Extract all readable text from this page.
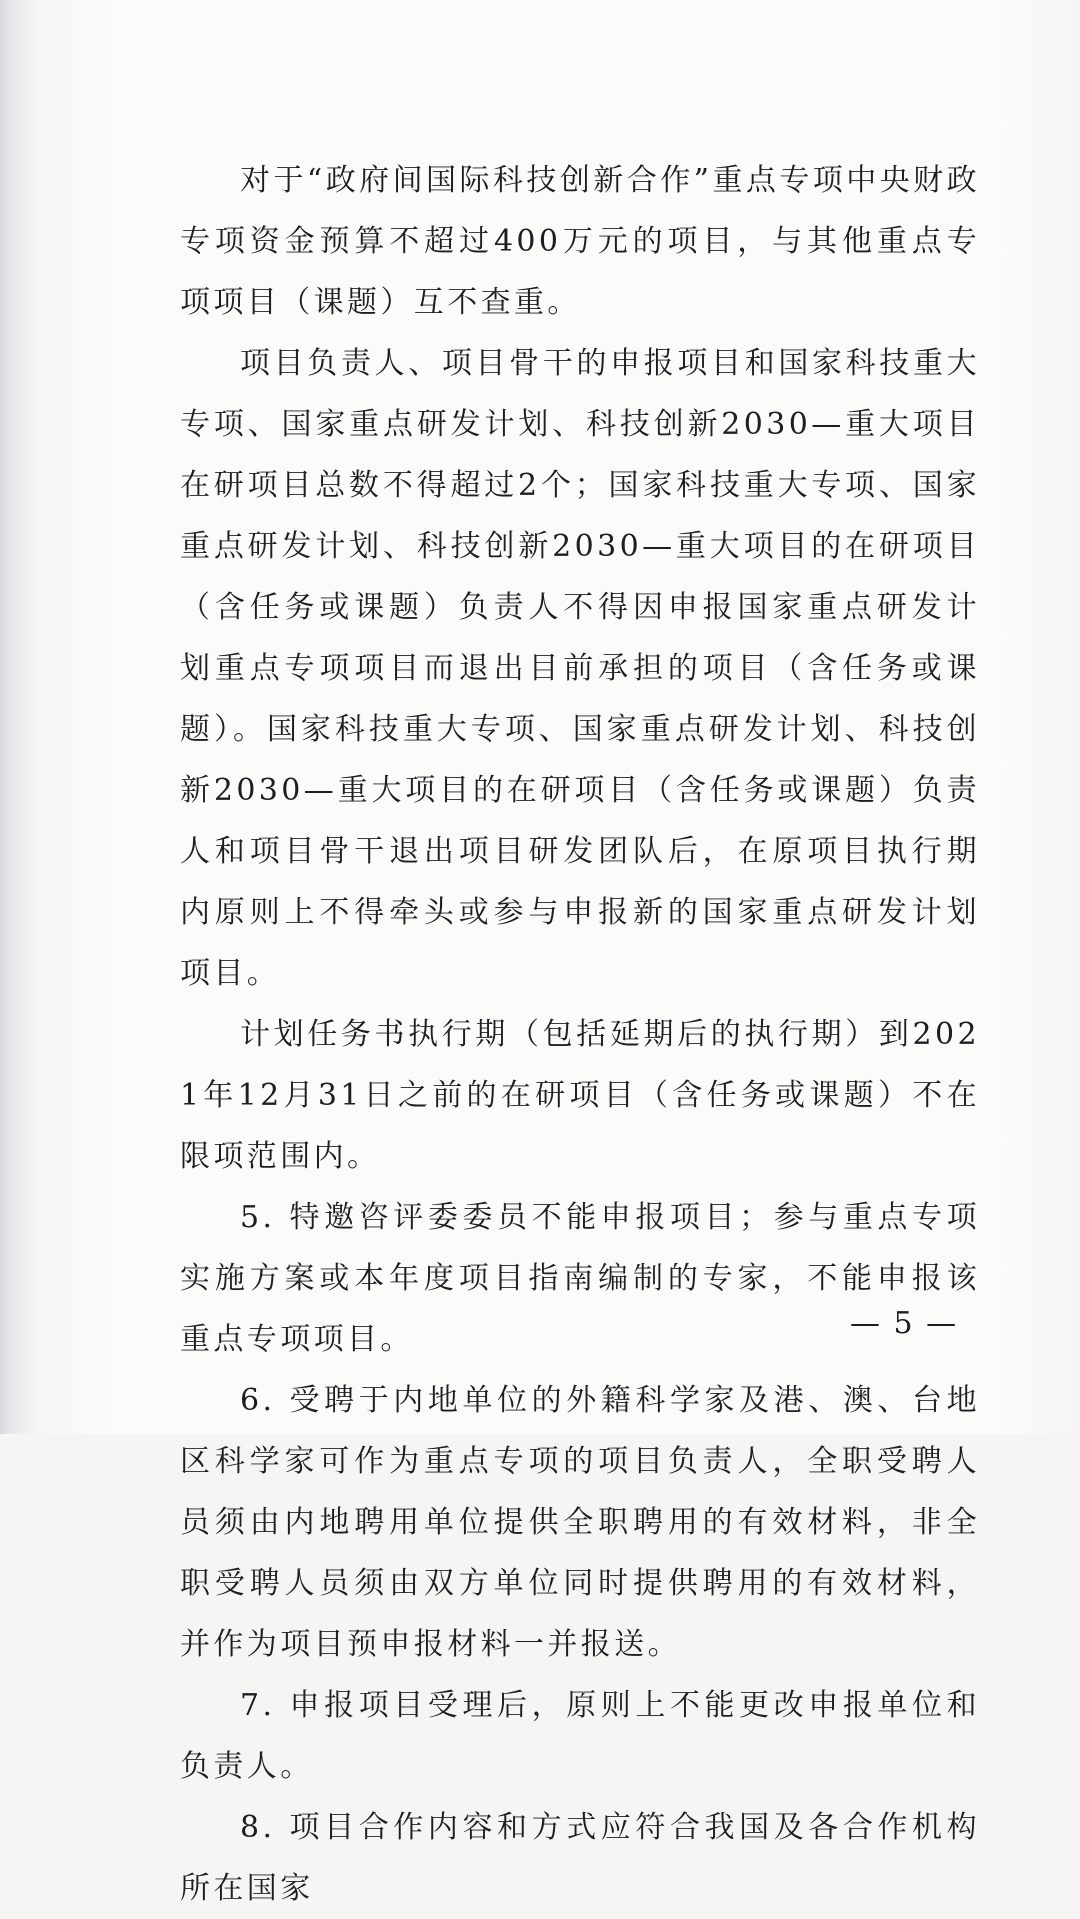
对于“政府间国际科技创新合作”重点专项中央财政专项资金预算不超过400万元的项目，与其他重点专项项目（课题）互不查重。

项目负责人、项目骨干的申报项目和国家科技重大专项、国家重点研发计划、科技创新2030—重大项目在研项目总数不得超过2个；国家科技重大专项、国家重点研发计划、科技创新2030—重大项目的在研项目（含任务或课题）负责人不得因申报国家重点研发计划重点专项项目而退出目前承担的项目（含任务或课题）。国家科技重大专项、国家重点研发计划、科技创新2030—重大项目的在研项目（含任务或课题）负责人和项目骨干退出项目研发团队后，在原项目执行期内原则上不得牵头或参与申报新的国家重点研发计划项目。

计划任务书执行期（包括延期后的执行期）到2021年12月31日之前的在研项目（含任务或课题）不在限项范围内。

5. 特邀咨评委委员不能申报项目；参与重点专项实施方案或本年度项目指南编制的专家，不能申报该重点专项项目。

6. 受聘于内地单位的外籍科学家及港、澳、台地区科学家可作为重点专项的项目负责人，全职受聘人员须由内地聘用单位提供全职聘用的有效材料，非全职受聘人员须由双方单位同时提供聘用的有效材料，并作为项目预申报材料一并报送。

7. 申报项目受理后，原则上不能更改申报单位和负责人。

8. 项目合作内容和方式应符合我国及各合作机构所在国家

— 5 —
